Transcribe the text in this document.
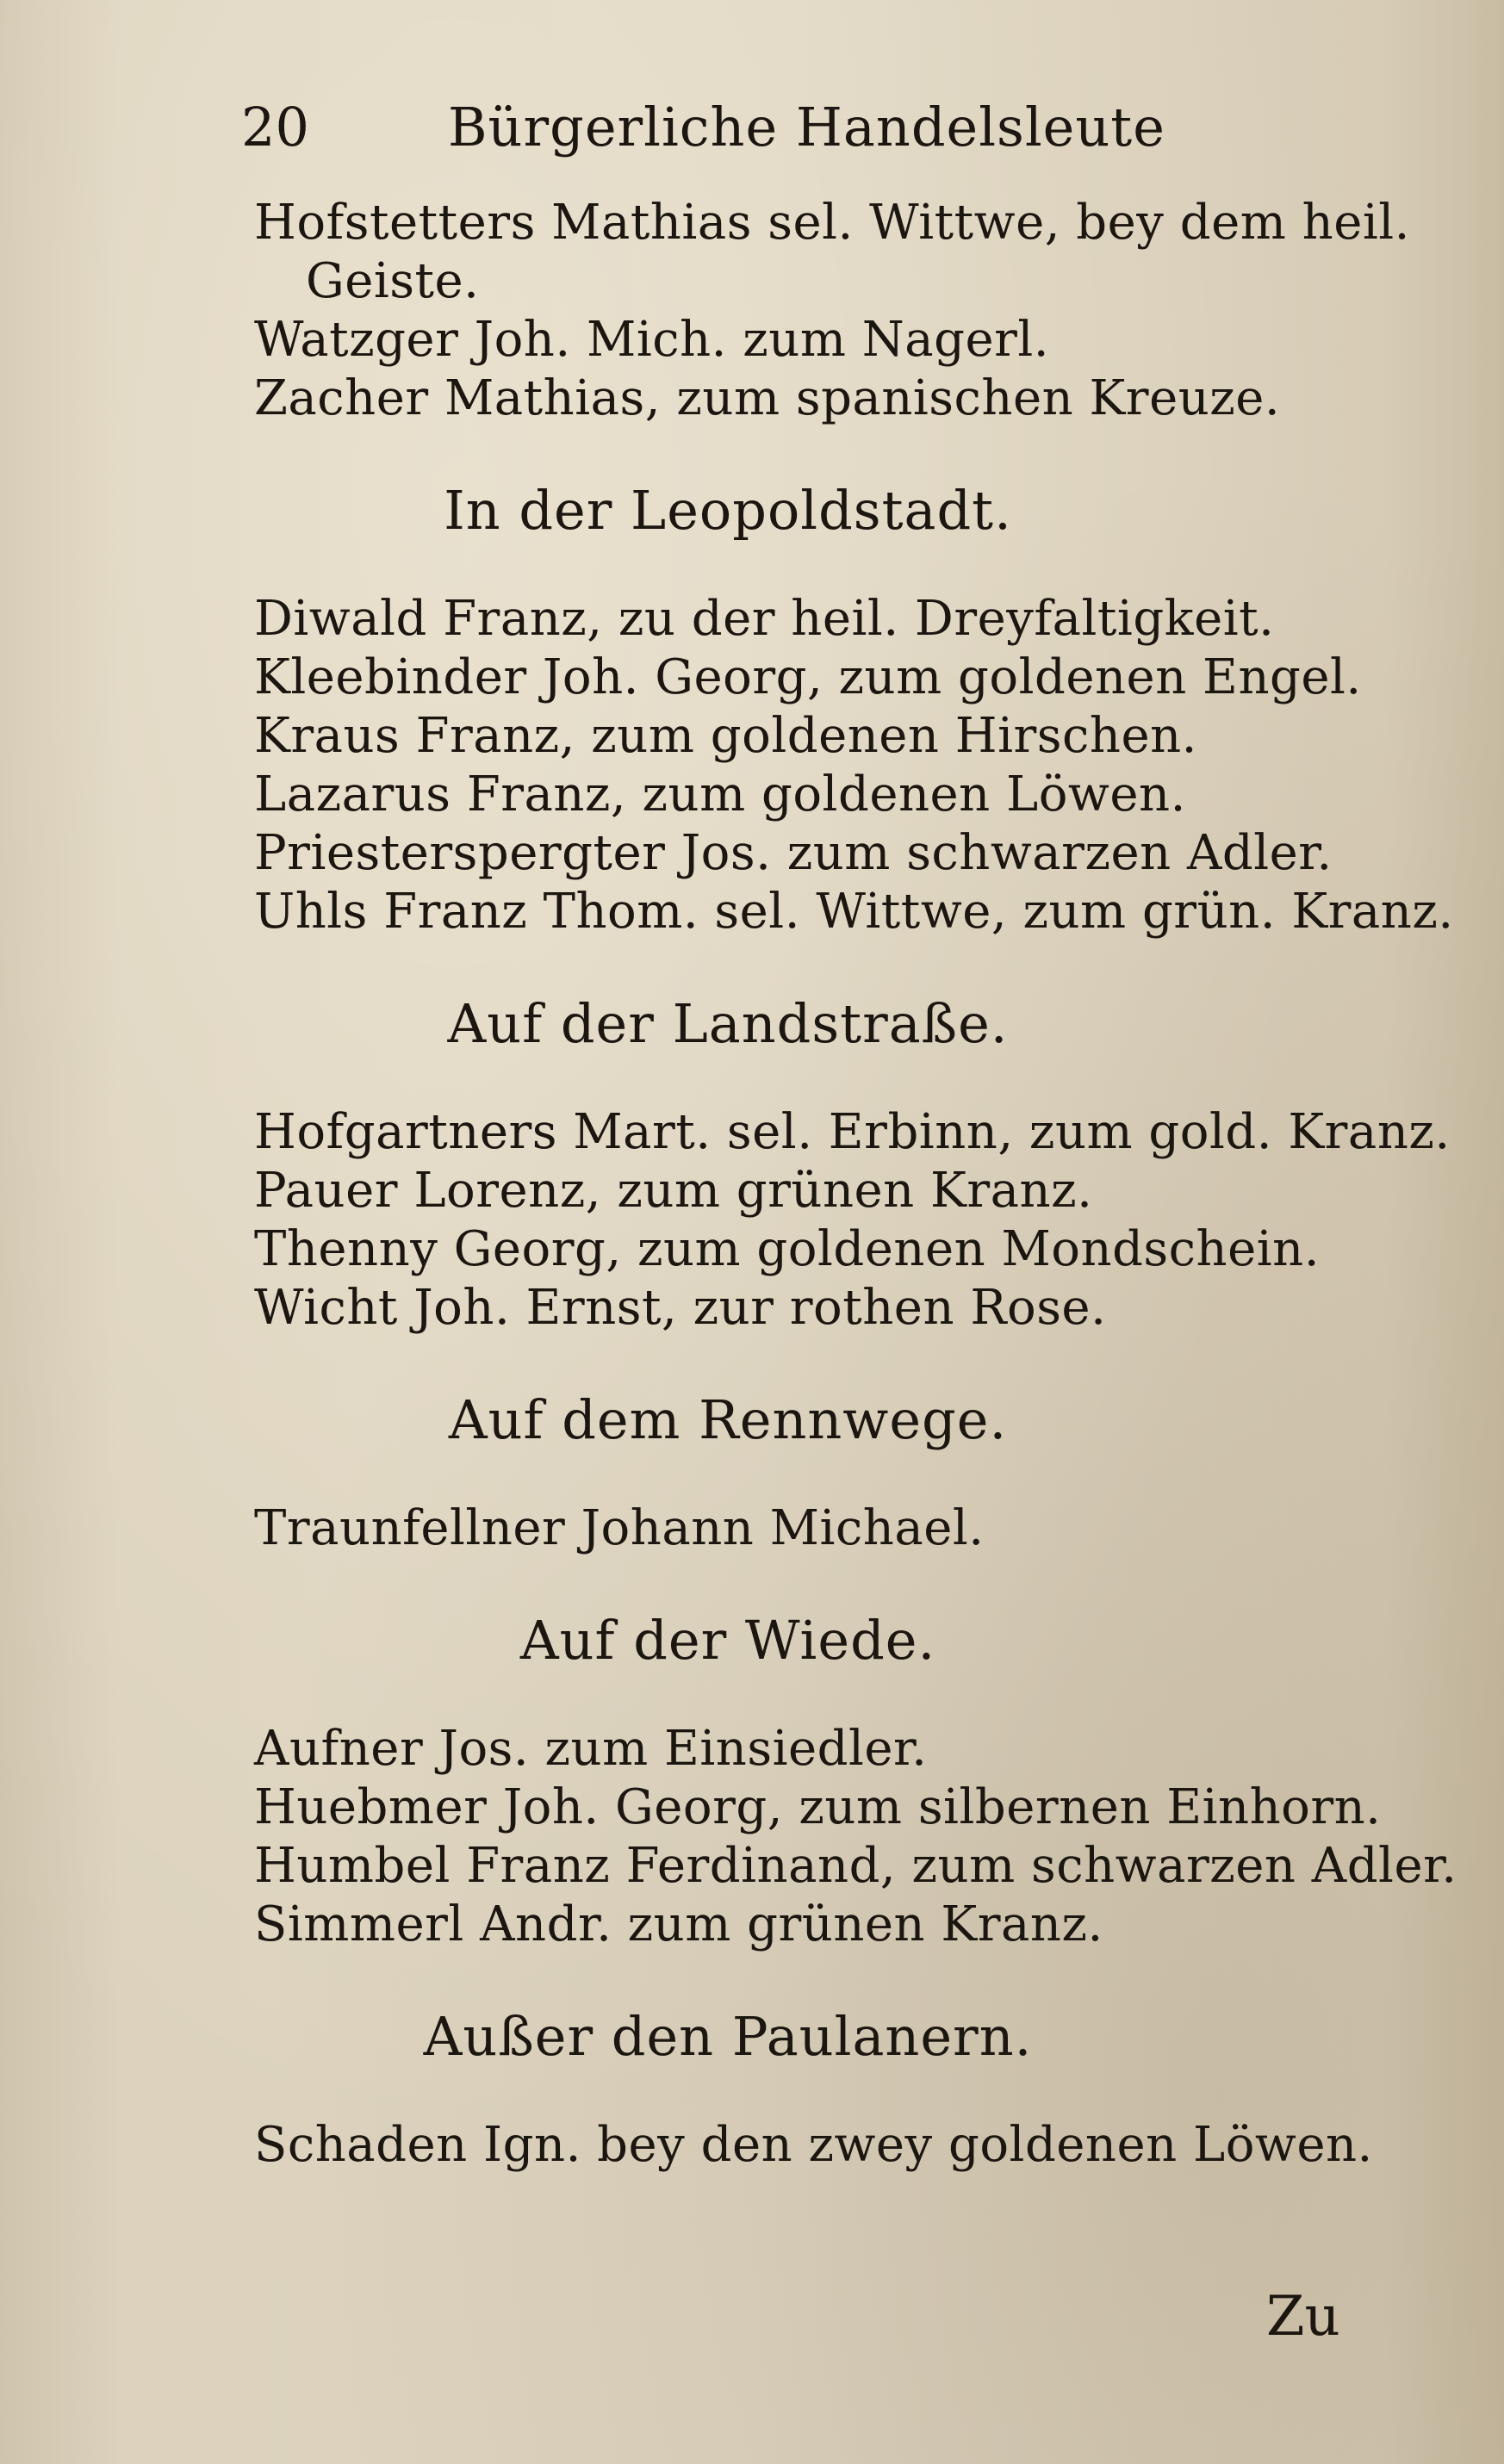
20	Bürgerliche Handelsleute
Hofstetters Mathias sel. Wittwe, bey dem heil.
Geiste.
Watzger Joh. Mich. zum Nagerl.
Zacher Mathias, zum spanischen Kreuze.
In der Leopoldstadt.
Diwald Franz, zu der heil. Dreyfaltigkeit.
Kleebinder Joh. Georg, zum goldenen Engel.
Kraus Franz, zum goldenen Hirschen.
Lazarus Franz, zum goldenen Löwen.
Priesterspergter Jos. zum schwarzen Adler.
Uhls Franz Thom. sel. Wittwe, zum grün. Kranz.
Auf der Landstraße.
Hofgartners Mart. sel. Erbinn, zum gold. Kranz.
Pauer Lorenz, zum grünen Kranz.
Thenny Georg, zum goldenen Mondschein.
Wicht Joh. Ernst, zur rothen Rose.
Auf dem Rennwege.
Traunfellner Johann Michael.
Auf der Wiede.
Aufner Jos. zum Einsiedler.
Huebmer Joh. Georg, zum silbernen Einhorn.
Humbel Franz Ferdinand, zum schwarzen Adler.
Simmerl Andr. zum grünen Kranz.
Außer den Paulanern.
Schaden Ign. bey den zwey goldenen Löwen.
Zu
